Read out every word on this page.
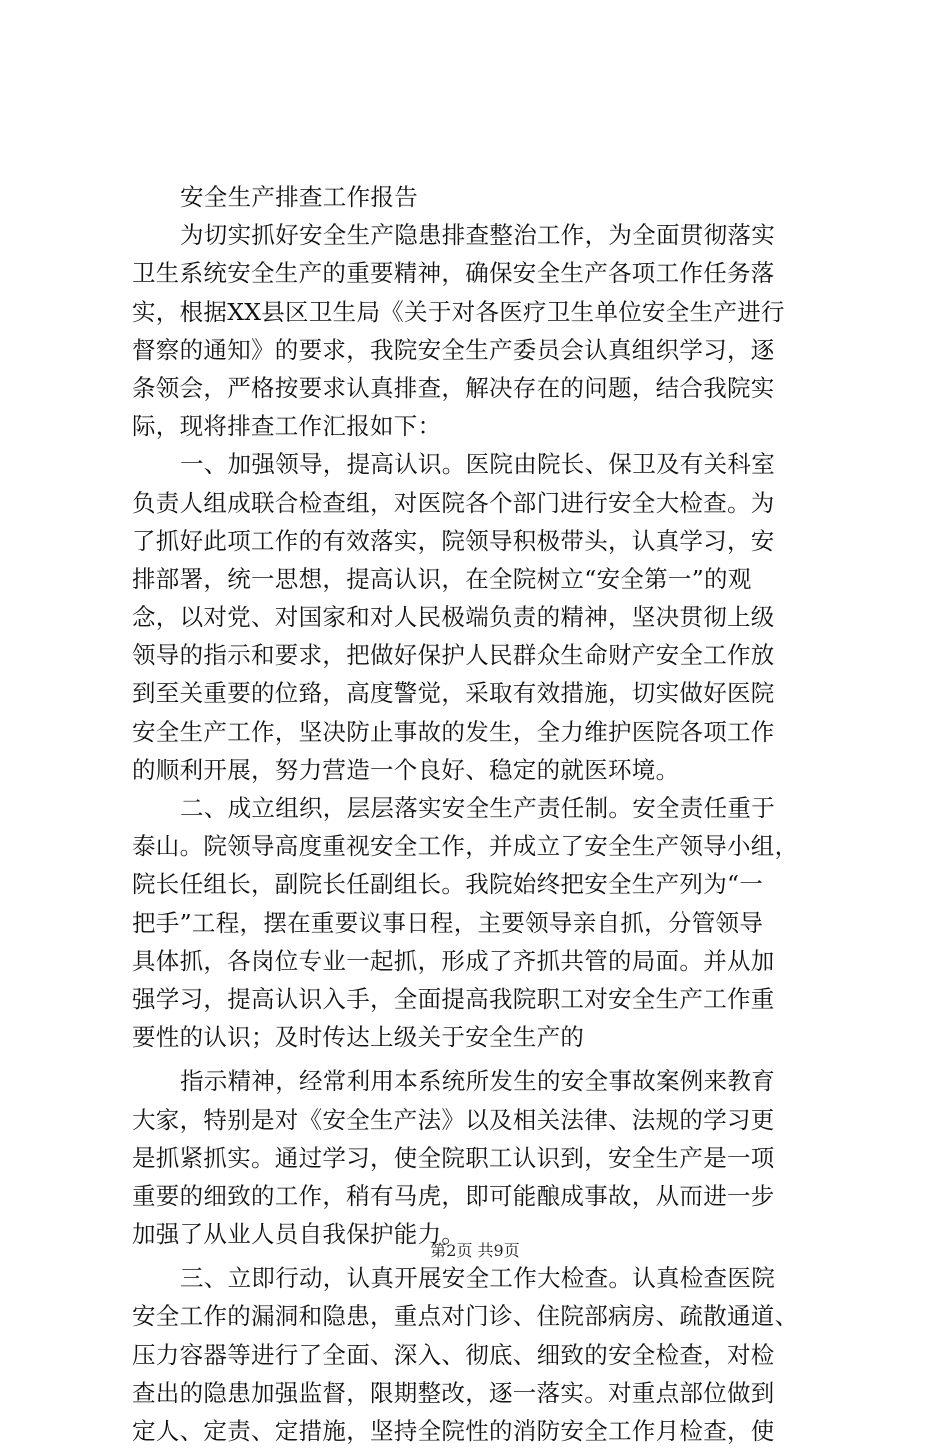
安全生产排查工作报告
为切实抓好安全生产隐患排查整治工作，为全面贯彻落实
卫生系统安全生产的重要精神，确保安全生产各项工作任务落
实，根据XX县区卫生局《关于对各医疗卫生单位安全生产进行
督察的通知》的要求，我院安全生产委员会认真组织学习，逐
条领会，严格按要求认真排查，解决存在的问题，结合我院实
际，现将排查工作汇报如下：
一、加强领导，提高认识。医院由院长、保卫及有关科室
负责人组成联合检查组，对医院各个部门进行安全大检查。为
了抓好此项工作的有效落实，院领导积极带头，认真学习，安
排部署，统一思想，提高认识，在全院树立“安全第一”的观
念，以对党、对国家和对人民极端负责的精神，坚决贯彻上级
领导的指示和要求，把做好保护人民群众生命财产安全工作放
到至关重要的位臵，高度警觉，采取有效措施，切实做好医院
安全生产工作，坚决防止事故的发生，全力维护医院各项工作
的顺利开展，努力营造一个良好、稳定的就医环境。
二、成立组织，层层落实安全生产责任制。安全责任重于
泰山。院领导高度重视安全工作，并成立了安全生产领导小组，
院长任组长，副院长任副组长。我院始终把安全生产列为“一
把手”工程，摆在重要议事日程，主要领导亲自抓，分管领导
具体抓，各岗位专业一起抓，形成了齐抓共管的局面。并从加
强学习，提高认识入手，全面提高我院职工对安全生产工作重
要性的认识；及时传达上级关于安全生产的
指示精神，经常利用本系统所发生的安全事故案例来教育
大家，特别是对《安全生产法》以及相关法律、法规的学习更
是抓紧抓实。通过学习，使全院职工认识到，安全生产是一项
重要的细致的工作，稍有马虎，即可能酿成事故，从而进一步
加强了从业人员自我保护能力。
三、立即行动，认真开展安全工作大检查。认真检查医院
安全工作的漏洞和隐患，重点对门诊、住院部病房、疏散通道、
压力容器等进行了全面、深入、彻底、细致的安全检查，对检
查出的隐患加强监督，限期整改，逐一落实。对重点部位做到
定人、定责、定措施，坚持全院性的消防安全工作月检查，使
第2页 共9页
